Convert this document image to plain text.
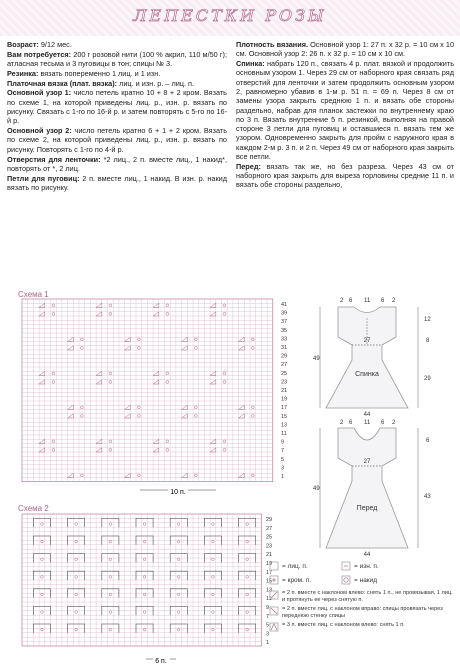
ЛЕПЕСТКИ РОЗЫ

Возраст: 9/12 мес.

Вам потребуется: 200 г розовой нити (100 % акрил, 110 м/50 г); атласная тесьма и 3 пуговицы в тон; спицы № 3.

Резинка: вязать попеременно 1 лиц. и 1 изн.

Платочная вязка (плат. вязка): лиц. и изн. р. – лиц. п.

Основной узор 1: число петель кратно 10 + 8 + 2 кром. Вязать по схеме 1, на которой приведены лиц. р., изн. р. вязать по рисунку. Связать с 1-го по 16-й р. и затем повторять с 5-го по 16-й р.

Основной узор 2: число петель кратно 6 + 1 + 2 кром. Вязать по схеме 2, на которой приведены лиц. р., изн. р. вязать по рисунку. Повторять с 1-го по 4-й р.

Отверстия для ленточки: *2 лиц., 2 п. вместе лиц., 1 накид*, повторять от *, 2 лиц.

Петли для пуговиц: 2 п. вместе лиц., 1 накид. В изн. р. накид вязать по рисунку.

Плотность вязания. Основной узор 1: 27 п. х 32 р. = 10 см х 10 см. Основной узор 2: 26 п. х 32 р. = 10 см х 10 см.

Спинка: набрать 120 п., связать 4 р. плат. вязкой и продолжить основным узором 1. Через 29 см от наборного края связать ряд отверстий для ленточки и затем продолжить основным узором 2, равномерно убавив в 1-м р. 51 п. = 69 п. Через 8 см от замены узора закрыть среднюю 1 п. и вязать обе стороны раздельно, набрав для планок застежки по внутреннему краю по 3 п. Вязать внутренние 5 п. резинкой, выполняя на правой стороне 3 петли для пуговиц и оставшиеся п. вязать тем же узором. Одновременно закрыть для пройм с наружного края в каждом 2-м р. 3 п. и 2 п. Через 49 см от наборного края закрыть все петли.

Перед: вязать так же, но без разреза. Через 43 см от наборного края закрыть для выреза горловины средние 11 п. и вязать обе стороны раздельно,

Схема 1
41
39
37
35
33
31
29
27
25
23
21
19
17
15
13
11
9
7
5
3
1
10 п.
29
27
25
23
21
19
17
15
13
11
9
7
5
3
1
6 п.
2 6 11 6 2
27
Спинка
44
49
12
8
29
2 6 11 6 2
27
Перед
44
49
6
43
Схема 2
= лиц. п.	= изн. п.
= кром. п.	= накид
= 2 п. вместе с наклоном влево: снять 1 п., не провязывая, 1 лиц. и протянуть ее через снятую п.
= 2 п. вместе лиц. с наклоном вправо: спицы провязать через переднюю стенку спицы
= 3 п. вместе лиц. с наклоном влево: снять 1 п.
